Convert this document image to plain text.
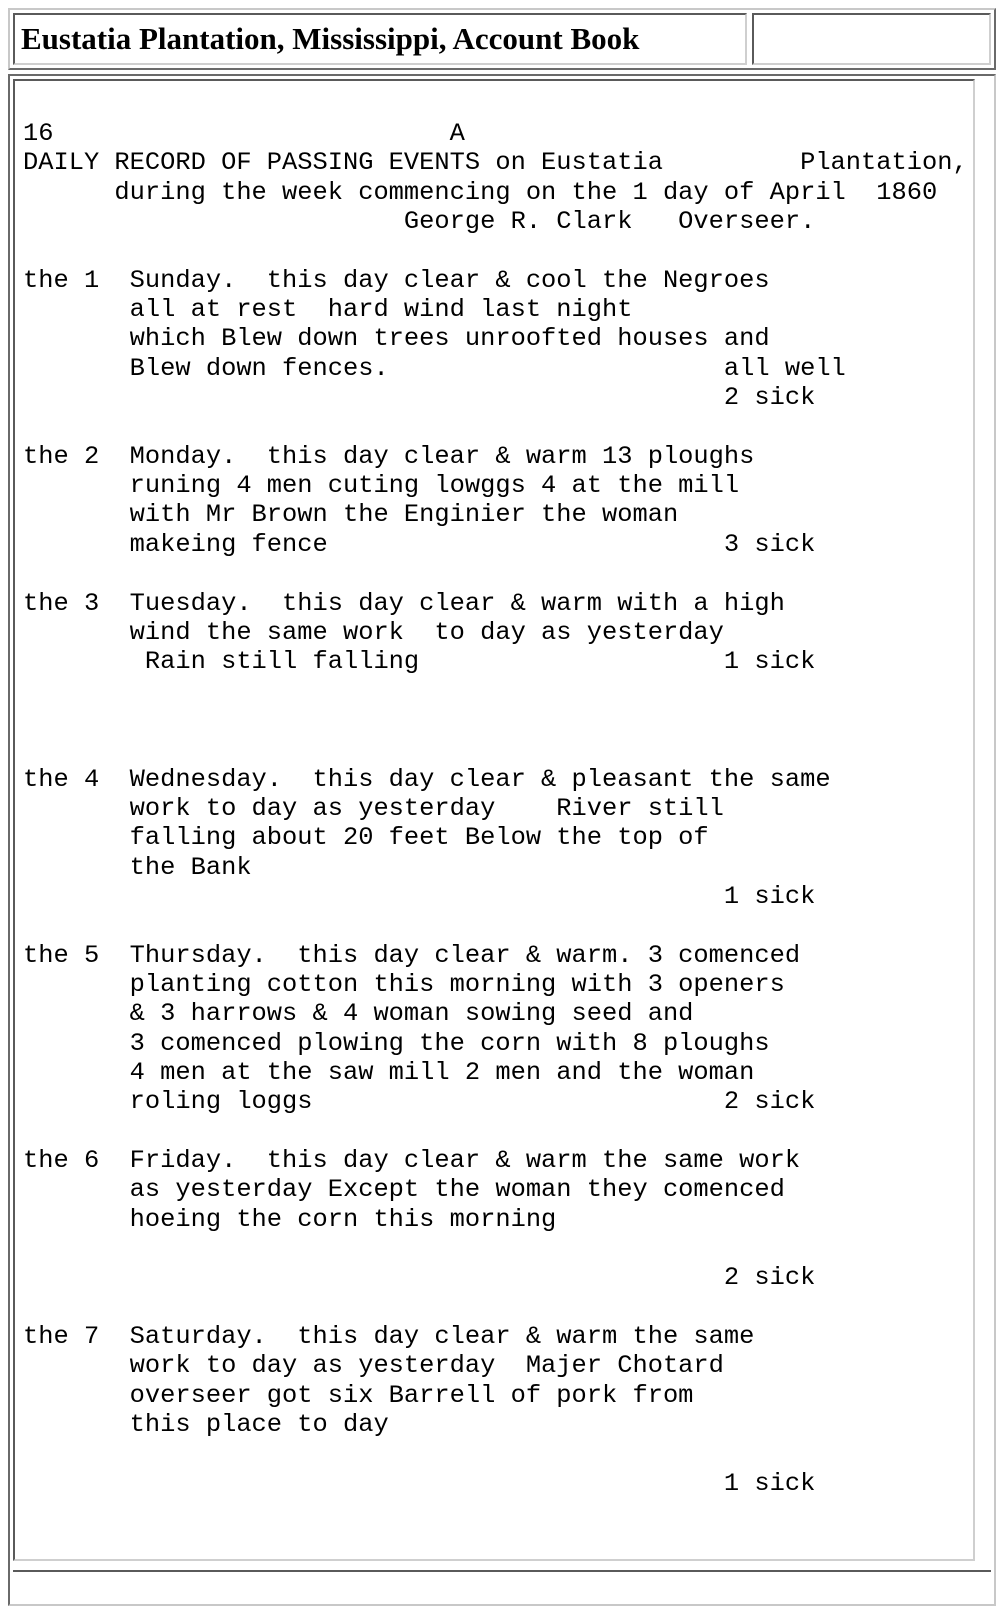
Eustatia Plantation, Mississippi, Account Book
16                          A
DAILY RECORD OF PASSING EVENTS on Eustatia         Plantation,
during the week commencing on the 1 day of April  1860
George R. Clark   Overseer.

the 1  Sunday.  this day clear & cool the Negroes
all at rest  hard wind last night
which Blew down trees unroofted houses and
Blew down fences.                      all well
2 sick

the 2  Monday.  this day clear & warm 13 ploughs
runing 4 men cuting lowggs 4 at the mill
with Mr Brown the Enginier the woman
makeing fence                          3 sick

the 3  Tuesday.  this day clear & warm with a high
wind the same work  to day as yesterday
Rain still falling                    1 sick

the 4  Wednesday.  this day clear & pleasant the same
work to day as yesterday    River still
falling about 20 feet Below the top of
the Bank
1 sick

the 5  Thursday.  this day clear & warm. 3 comenced
planting cotton this morning with 3 openers
& 3 harrows & 4 woman sowing seed and
3 comenced plowing the corn with 8 ploughs
4 men at the saw mill 2 men and the woman
roling loggs                           2 sick

the 6  Friday.  this day clear & warm the same work
as yesterday Except the woman they comenced
hoeing the corn this morning

2 sick

the 7  Saturday.  this day clear & warm the same
work to day as yesterday  Majer Chotard
overseer got six Barrell of pork from
this place to day

1 sick
